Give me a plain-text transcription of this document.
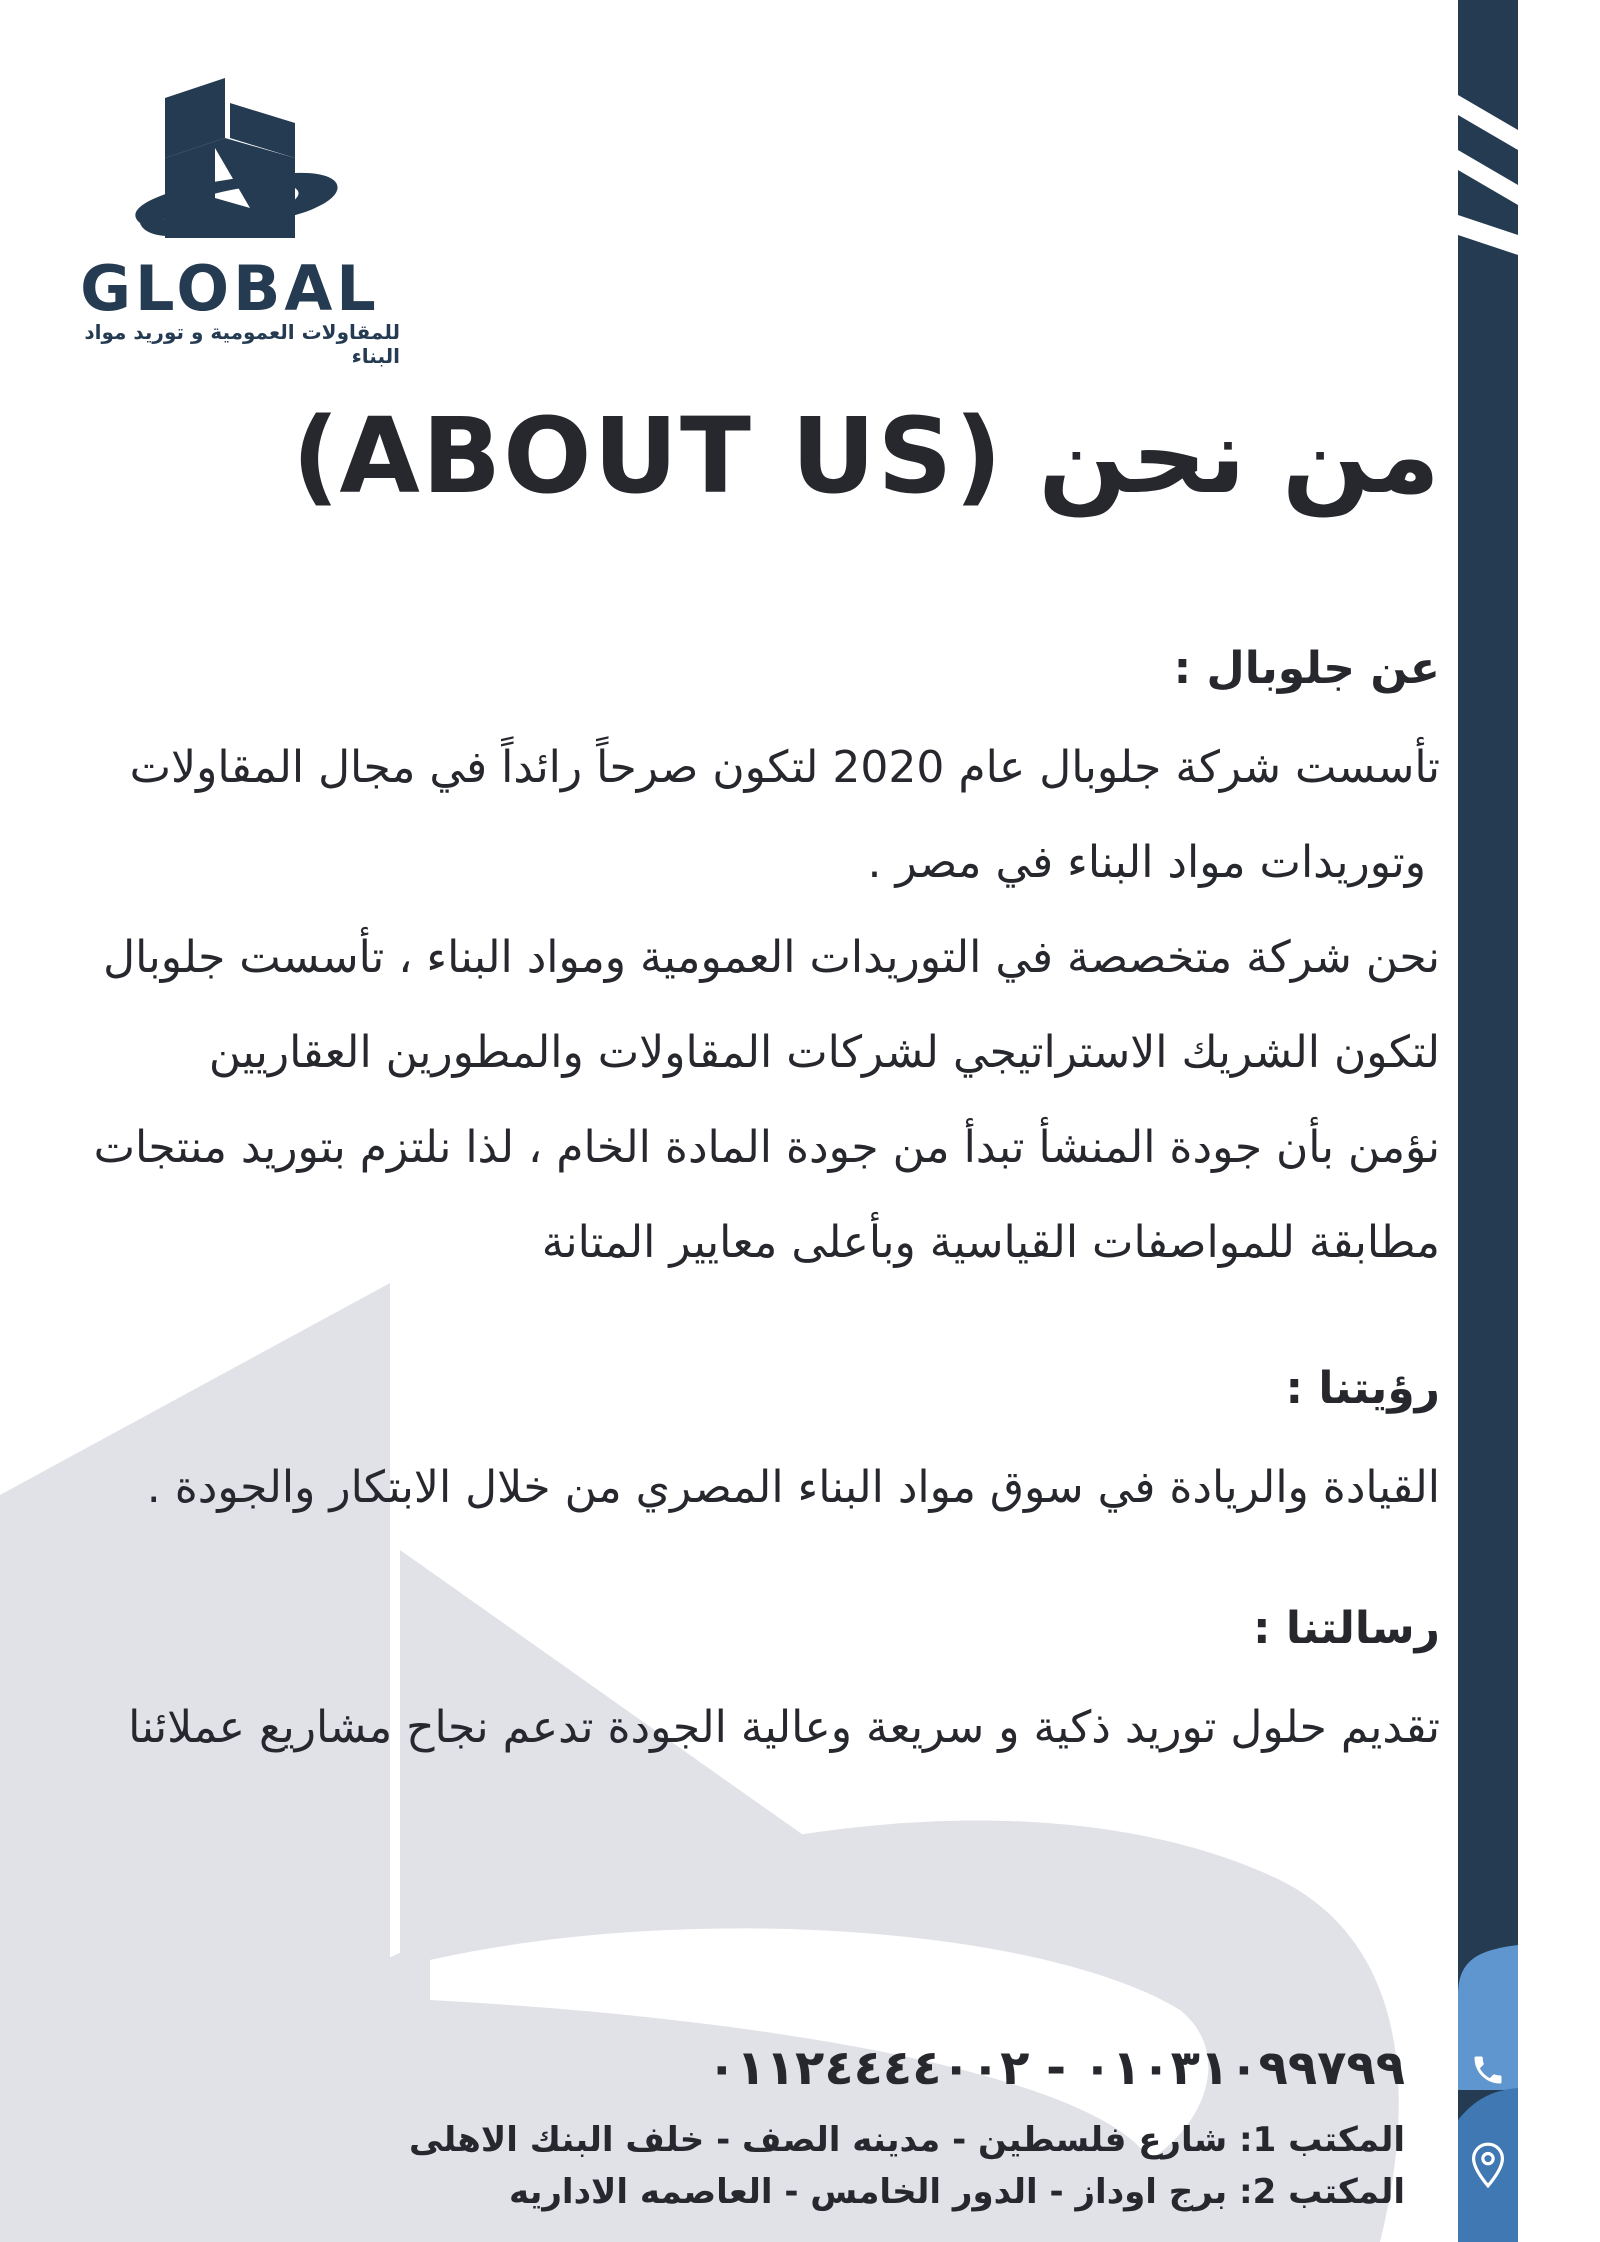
GLOBAL
للمقاولات العمومية و توريد مواد البناء
من نحن (ABOUT US)
عن جلوبال :

تأسست شركة جلوبال عام 2020 لتكون صرحاً رائداً في مجال المقاولات

وتوريدات مواد البناء في مصر .

نحن شركة متخصصة في التوريدات العمومية ومواد البناء ، تأسست جلوبال

لتكون الشريك الاستراتيجي لشركات المقاولات والمطورين العقاريين

نؤمن بأن جودة المنشأ تبدأ من جودة المادة الخام ، لذا نلتزم بتوريد منتجات

مطابقة للمواصفات القياسية وبأعلى معايير المتانة

رؤيتنا :

القيادة والريادة في سوق مواد البناء المصري من خلال الابتكار والجودة .

رسالتنا :

تقديم حلول توريد ذكية و سريعة وعالية الجودة تدعم نجاح مشاريع عملائنا

٠١٠٣١٠٩٩٧٩٩ - ٠١١٢٤٤٤٤٠٠٢

المكتب 1: شارع فلسطين - مدينه الصف - خلف البنك الاهلى

المكتب 2: برج اوداز - الدور الخامس - العاصمه الاداريه
